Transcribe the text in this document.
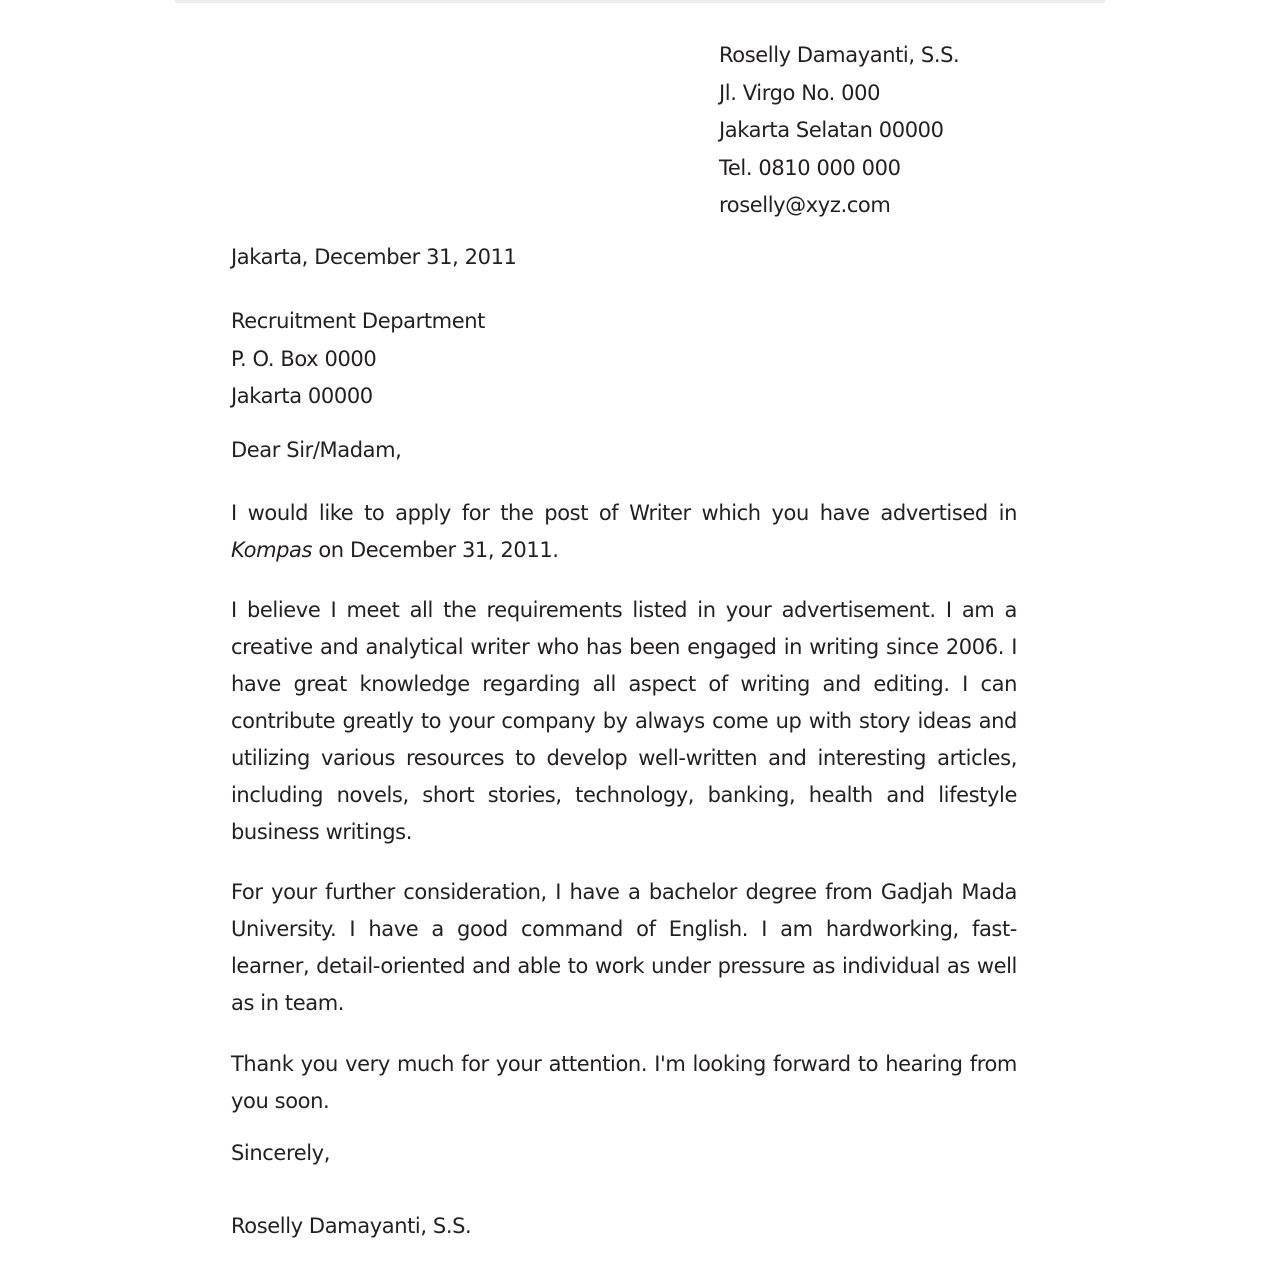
Roselly Damayanti, S.S.
Jl. Virgo No. 000
Jakarta Selatan 00000
Tel. 0810 000 000
roselly@xyz.com
Jakarta, December 31, 2011
Recruitment Department
P. O. Box 0000
Jakarta 00000
Dear Sir/Madam,
I would like to apply for the post of Writer which you have advertised in Kompas on December 31, 2011.
I believe I meet all the requirements listed in your advertisement. I am a creative and analytical writer who has been engaged in writing since 2006. I have great knowledge regarding all aspect of writing and editing. I can contribute greatly to your company by always come up with story ideas and utilizing various resources to develop well-written and interesting articles, including novels, short stories, technology, banking, health and lifestyle business writings.
For your further consideration, I have a bachelor degree from Gadjah Mada University. I have a good command of English. I am hardworking, fast-learner, detail-oriented and able to work under pressure as individual as well as in team.
Thank you very much for your attention. I'm looking forward to hearing from you soon.
Sincerely,
Roselly Damayanti, S.S.
